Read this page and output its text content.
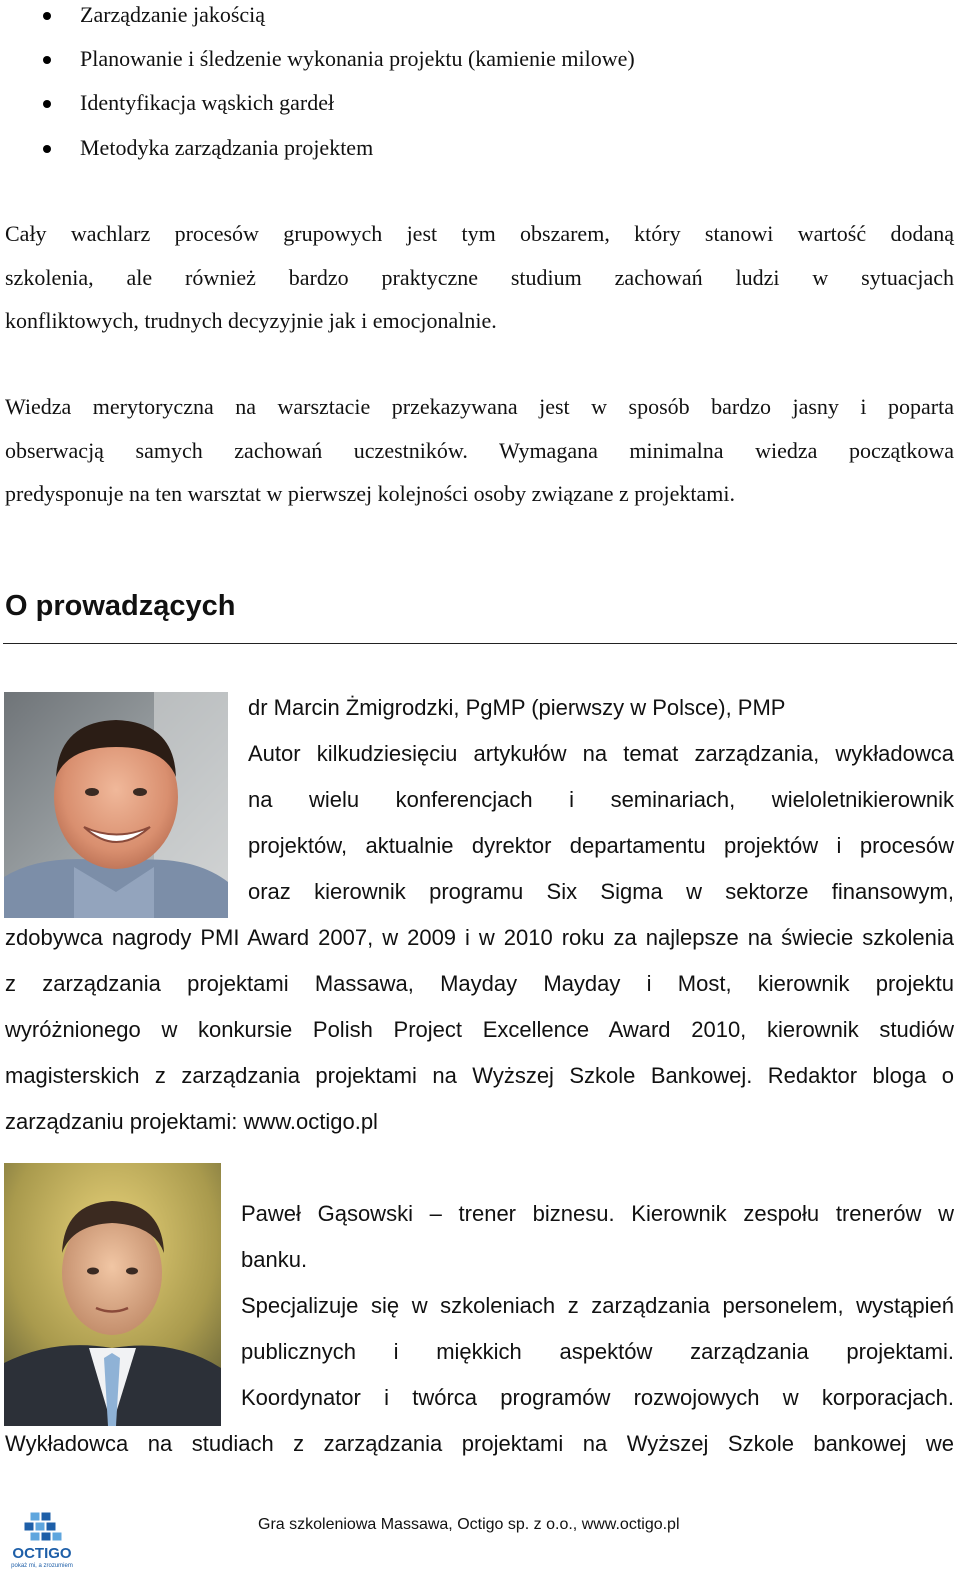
Zarządzanie jakością
Planowanie i śledzenie wykonania projektu (kamienie milowe)
Identyfikacja wąskich gardeł
Metodyka zarządzania projektem

Cały wachlarz procesów grupowych jest tym obszarem, który stanowi wartość dodaną
szkolenia, ale również bardzo praktyczne studium zachowań ludzi w sytuacjach
konfliktowych, trudnych decyzyjnie jak i emocjonalnie.

Wiedza merytoryczna na warsztacie przekazywana jest w sposób bardzo jasny i poparta
obserwacją samych zachowań uczestników. Wymagana minimalna wiedza początkowa
predysponuje na ten warsztat w pierwszej kolejności osoby związane z projektami.

O prowadzących
dr Marcin Żmigrodzki, PgMP (pierwszy w Polsce), PMP
Autor kilkudziesięciu artykułów na temat zarządzania, wykładowca
na wielu konferencjach i seminariach, wieloletnikierownik
projektów, aktualnie dyrektor departamentu projektów i procesów
oraz kierownik programu Six Sigma w sektorze finansowym,
zdobywca nagrody PMI Award 2007, w 2009 i w 2010 roku za najlepsze na świecie szkolenia
z zarządzania projektami Massawa, Mayday Mayday i Most, kierownik projektu
wyróżnionego w konkursie Polish Project Excellence Award 2010, kierownik studiów
magisterskich z zarządzania projektami na Wyższej Szkole Bankowej. Redaktor bloga o
zarządzaniu projektami: www.octigo.pl
Paweł Gąsowski – trener biznesu. Kierownik zespołu trenerów w
banku.
Specjalizuje się w szkoleniach z zarządzania personelem, wystąpień
publicznych i miękkich aspektów zarządzania projektami.
Koordynator i twórca programów rozwojowych w korporacjach.
Wykładowca na studiach z zarządzania projektami na Wyższej Szkole bankowej we
OCTIGO
pokaż mi, a zrozumiem
Gra szkoleniowa Massawa, Octigo sp. z o.o., www.octigo.pl
